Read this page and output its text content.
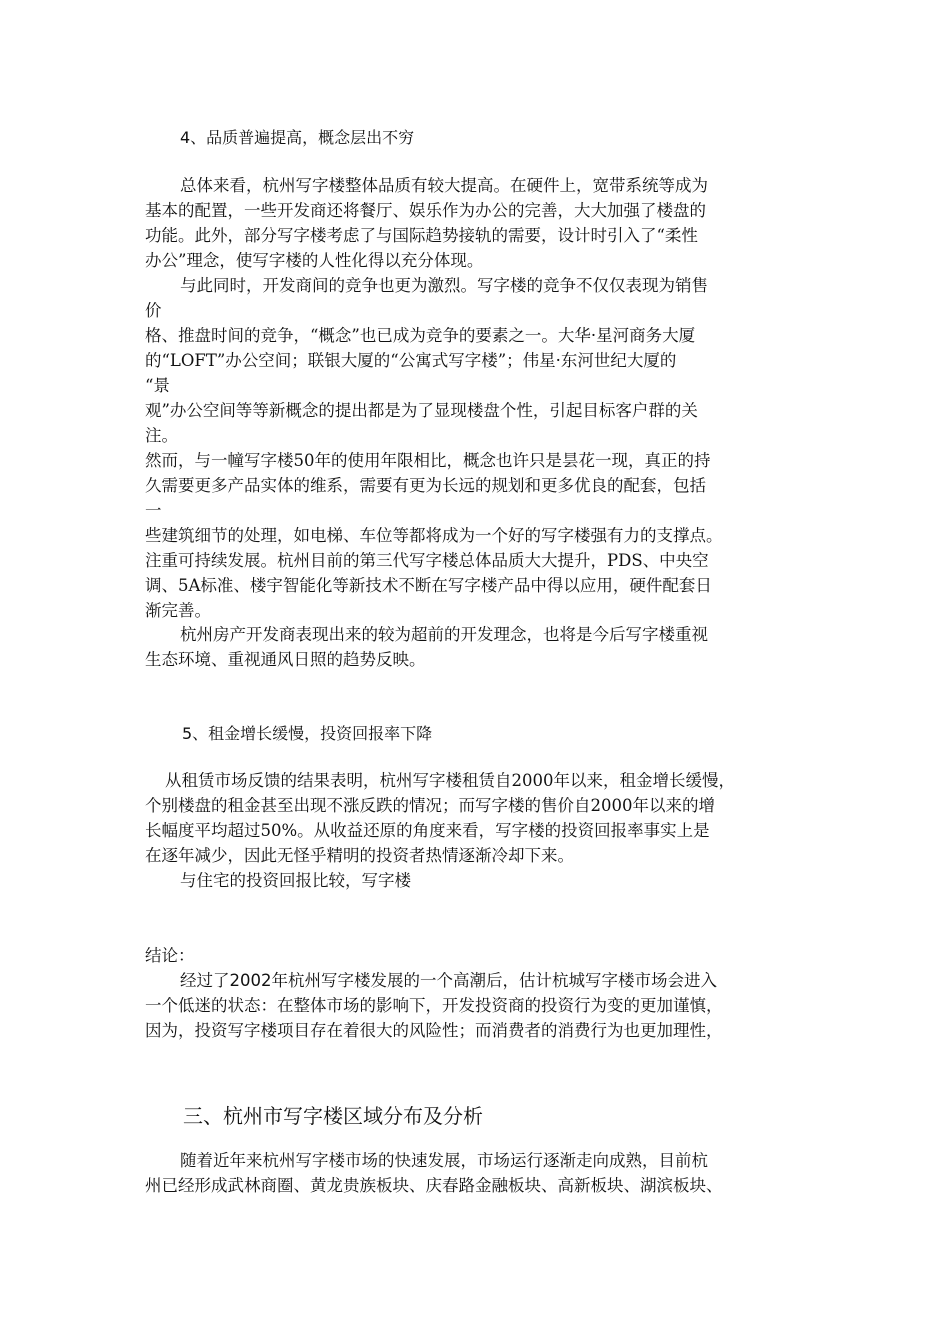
4、品质普遍提高，概念层出不穷
总体来看，杭州写字楼整体品质有较大提高。在硬件上，宽带系统等成为
基本的配置，一些开发商还将餐厅、娱乐作为办公的完善，大大加强了楼盘的
功能。此外，部分写字楼考虑了与国际趋势接轨的需要，设计时引入了“柔性
办公”理念，使写字楼的人性化得以充分体现。
与此同时，开发商间的竞争也更为激烈。写字楼的竞争不仅仅表现为销售
价
格、推盘时间的竞争，“概念”也已成为竞争的要素之一。大华·星河商务大厦
的“LOFT”办公空间；联银大厦的“公寓式写字楼”；伟星·东河世纪大厦的
“景
观”办公空间等等新概念的提出都是为了显现楼盘个性，引起目标客户群的关
注。
然而，与一幢写字楼50年的使用年限相比，概念也许只是昙花一现，真正的持
久需要更多产品实体的维系，需要有更为长远的规划和更多优良的配套，包括
一
些建筑细节的处理，如电梯、车位等都将成为一个好的写字楼强有力的支撑点。
注重可持续发展。杭州目前的第三代写字楼总体品质大大提升，PDS、中央空
调、5A标准、楼宇智能化等新技术不断在写字楼产品中得以应用，硬件配套日
渐完善。
杭州房产开发商表现出来的较为超前的开发理念，也将是今后写字楼重视
生态环境、重视通风日照的趋势反映。
5、租金增长缓慢，投资回报率下降
从租赁市场反馈的结果表明，杭州写字楼租赁自2000年以来，租金增长缓慢，
个别楼盘的租金甚至出现不涨反跌的情况；而写字楼的售价自2000年以来的增
长幅度平均超过50%。从收益还原的角度来看，写字楼的投资回报率事实上是
在逐年减少，因此无怪乎精明的投资者热情逐渐冷却下来。
与住宅的投资回报比较，写字楼
结论：
经过了2002年杭州写字楼发展的一个高潮后，估计杭城写字楼市场会进入
一个低迷的状态：在整体市场的影响下，开发投资商的投资行为变的更加谨慎，
因为，投资写字楼项目存在着很大的风险性；而消费者的消费行为也更加理性，
三、杭州市写字楼区域分布及分析
随着近年来杭州写字楼市场的快速发展，市场运行逐渐走向成熟，目前杭
州已经形成武林商圈、黄龙贵族板块、庆春路金融板块、高新板块、湖滨板块、
